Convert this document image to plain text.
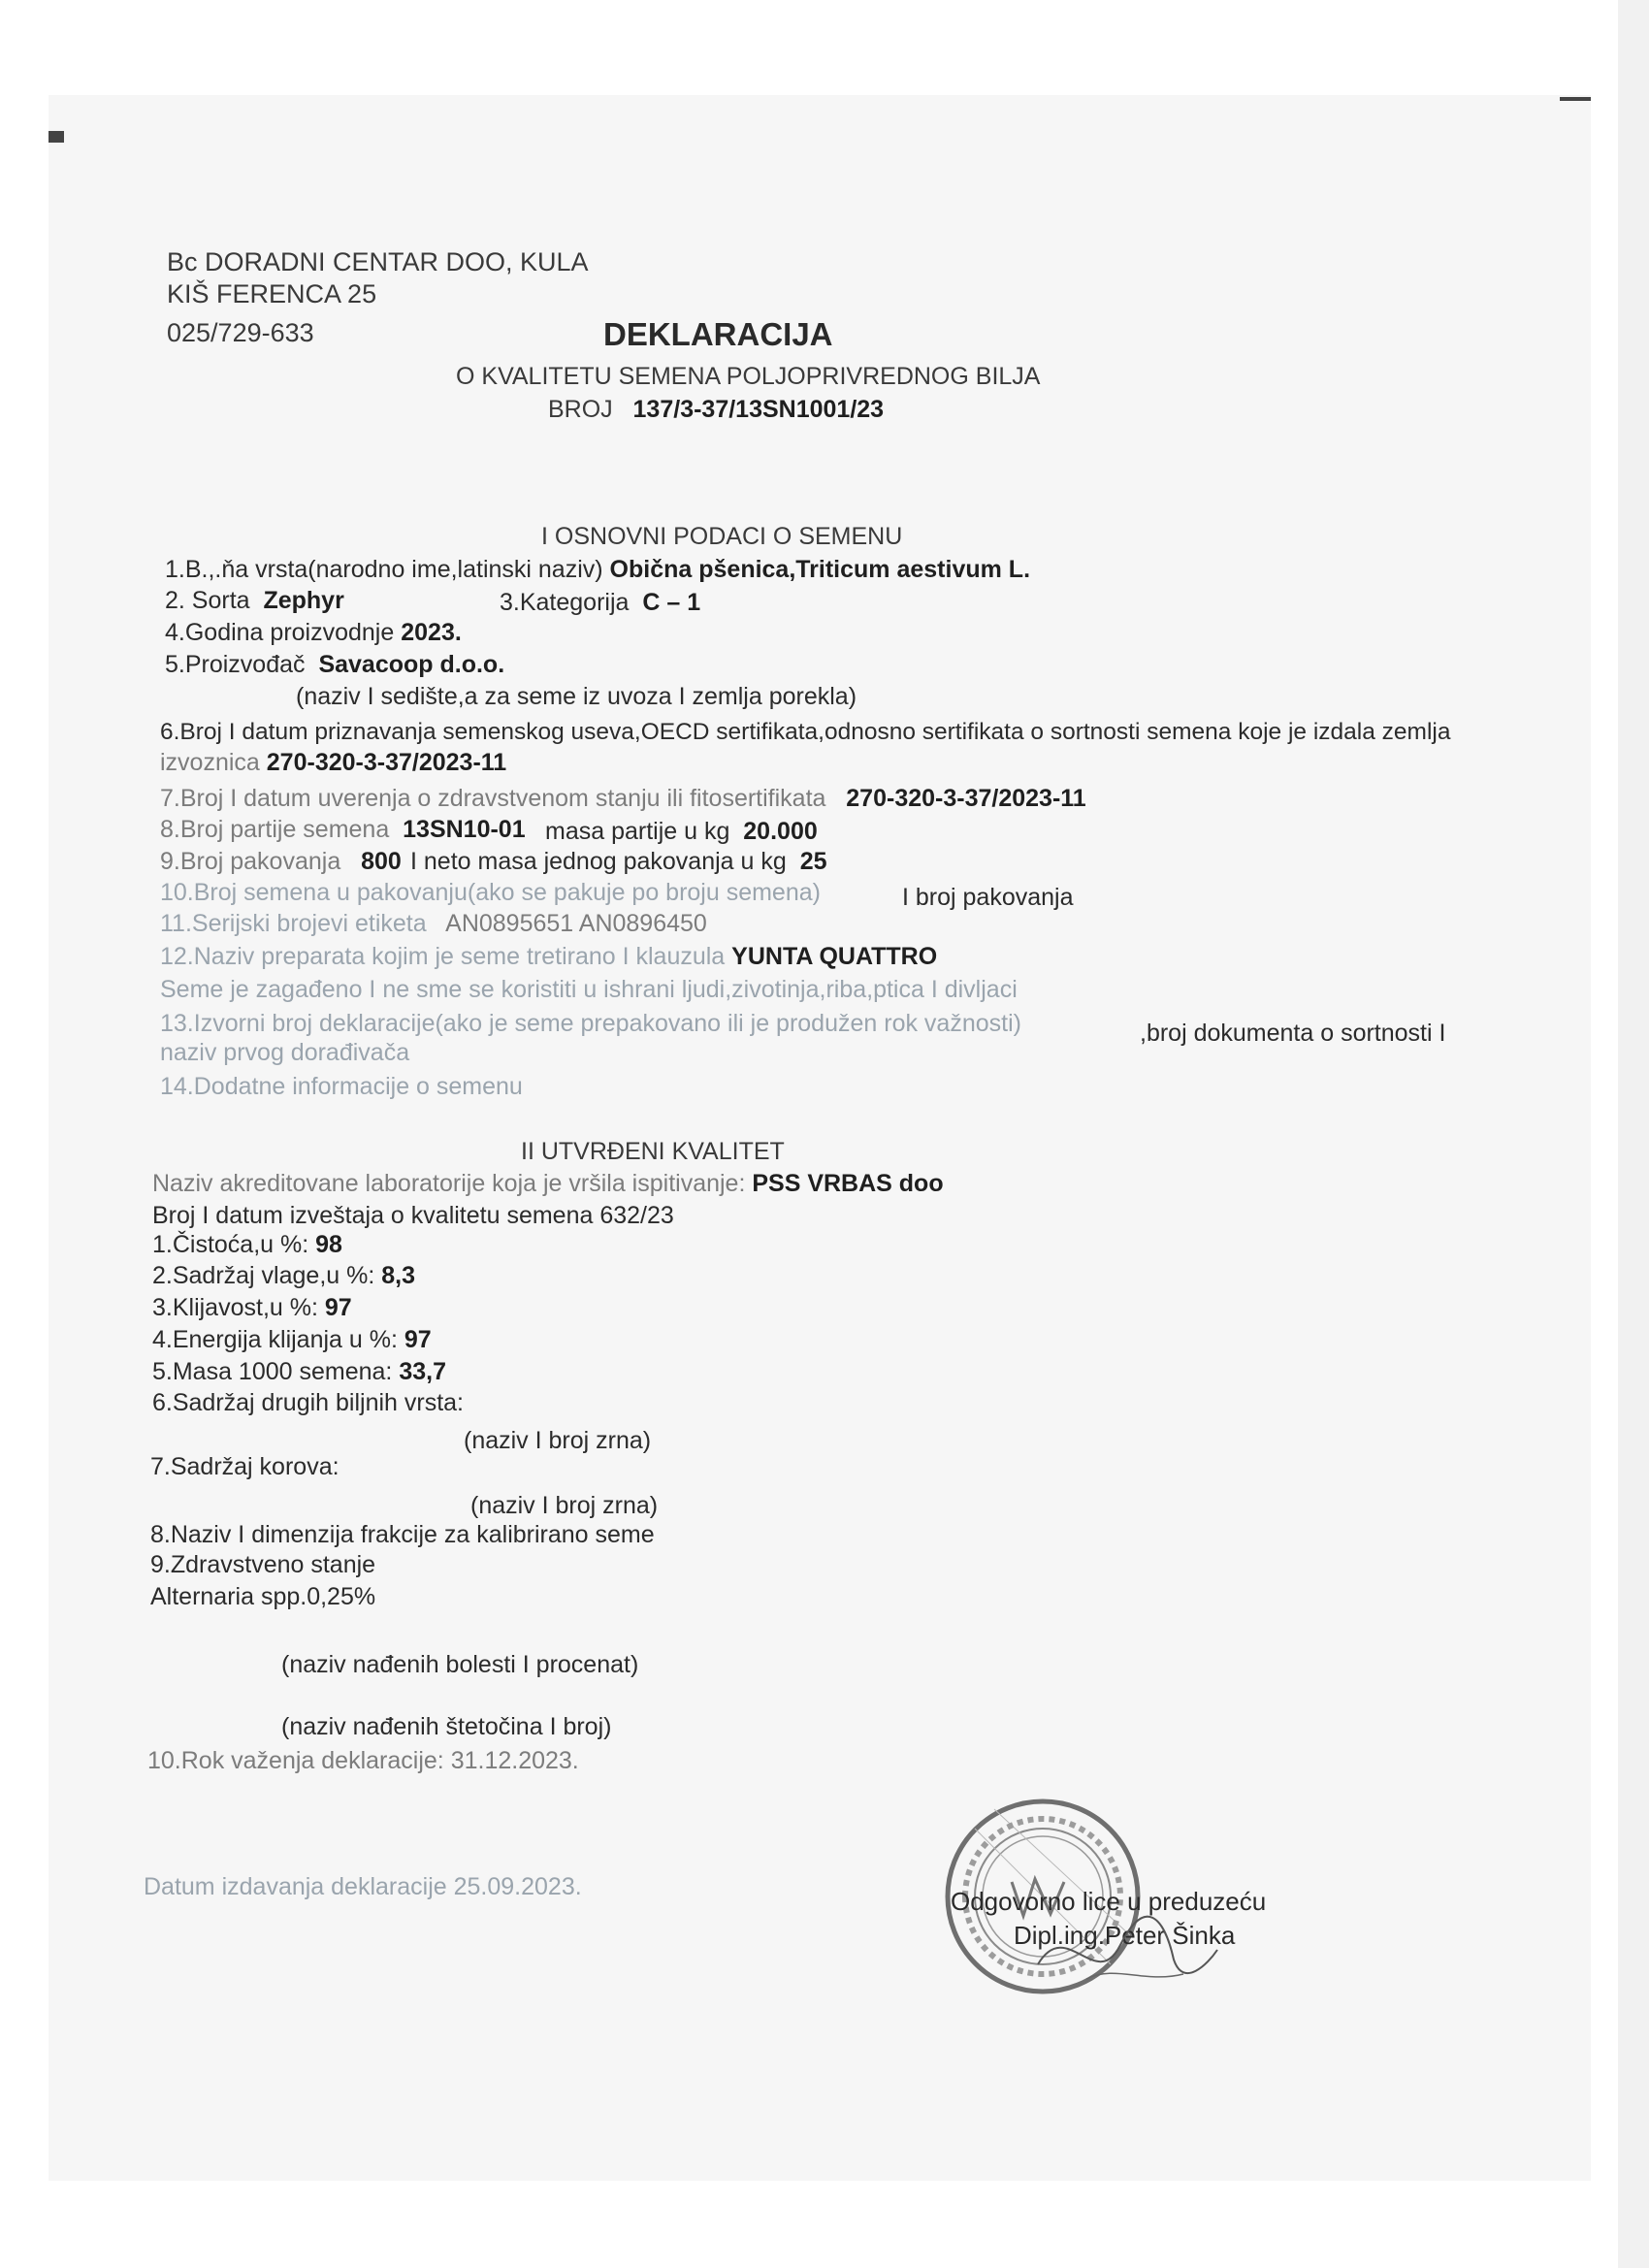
Bc DORADNI CENTAR DOO, KULA
KIŠ FERENCA 25
025/729-633	DEKLARACIJA
O KVALITETU SEMENA POLJOPRIVREDNOG BILJA
BROJ 137/3-37/13SN1001/23
I OSNOVNI PODACI O SEMENU
1.B.,.ňa vrsta(narodno ime,latinski naziv) Obična pšenica,Triticum aestivum L.
2. Sorta Zephyr	3.Kategorija C – 1
4.Godina proizvodnje 2023.
5.Proizvođač Savacoop d.o.o.
(naziv I sedište,a za seme iz uvoza I zemlja porekla)
6.Broj I datum priznavanja semenskog useva,OECD sertifikata,odnosno sertifikata o sortnosti semena koje je izdala zemlja
izvoznica 270-320-3-37/2023-11
7.Broj I datum uverenja o zdravstvenom stanju ili fitosertifikata 270-320-3-37/2023-11
8.Broj partije semena 13SN10-01 masa partije u kg 20.000
9.Broj pakovanja 800 I neto masa jednog pakovanja u kg 25
10.Broj semena u pakovanju(ako se pakuje po broju semena)	I broj pakovanja
11.Serijski brojevi etiketa AN0895651 AN0896450
12.Naziv preparata kojim je seme tretirano I klauzula YUNTA QUATTRO
Seme je zagađeno I ne sme se koristiti u ishrani ljudi,zivotinja,riba,ptica I divljaci
13.Izvorni broj deklaracije(ako je seme prepakovano ili je produžen rok važnosti)	,broj dokumenta o sortnosti I
naziv prvog dorađivača
14.Dodatne informacije o semenu
II UTVRĐENI KVALITET
Naziv akreditovane laboratorije koja je vršila ispitivanje: PSS VRBAS doo
Broj I datum izveštaja o kvalitetu semena 632/23
1.Čistoća,u %: 98
2.Sadržaj vlage,u %: 8,3
3.Klijavost,u %: 97
4.Energija klijanja u %: 97
5.Masa 1000 semena: 33,7
6.Sadržaj drugih biljnih vrsta:
(naziv I broj zrna)
7.Sadržaj korova:
(naziv I broj zrna)
8.Naziv I dimenzija frakcije za kalibrirano seme
9.Zdravstveno stanje
Alternaria spp.0,25%
(naziv nađenih bolesti I procenat)
(naziv nađenih štetočina I broj)
10.Rok važenja deklaracije: 31.12.2023.
Datum izdavanja deklaracije 25.09.2023.	Odgovorno lice u preduzeću
Dipl.ing.Peter Šinka
